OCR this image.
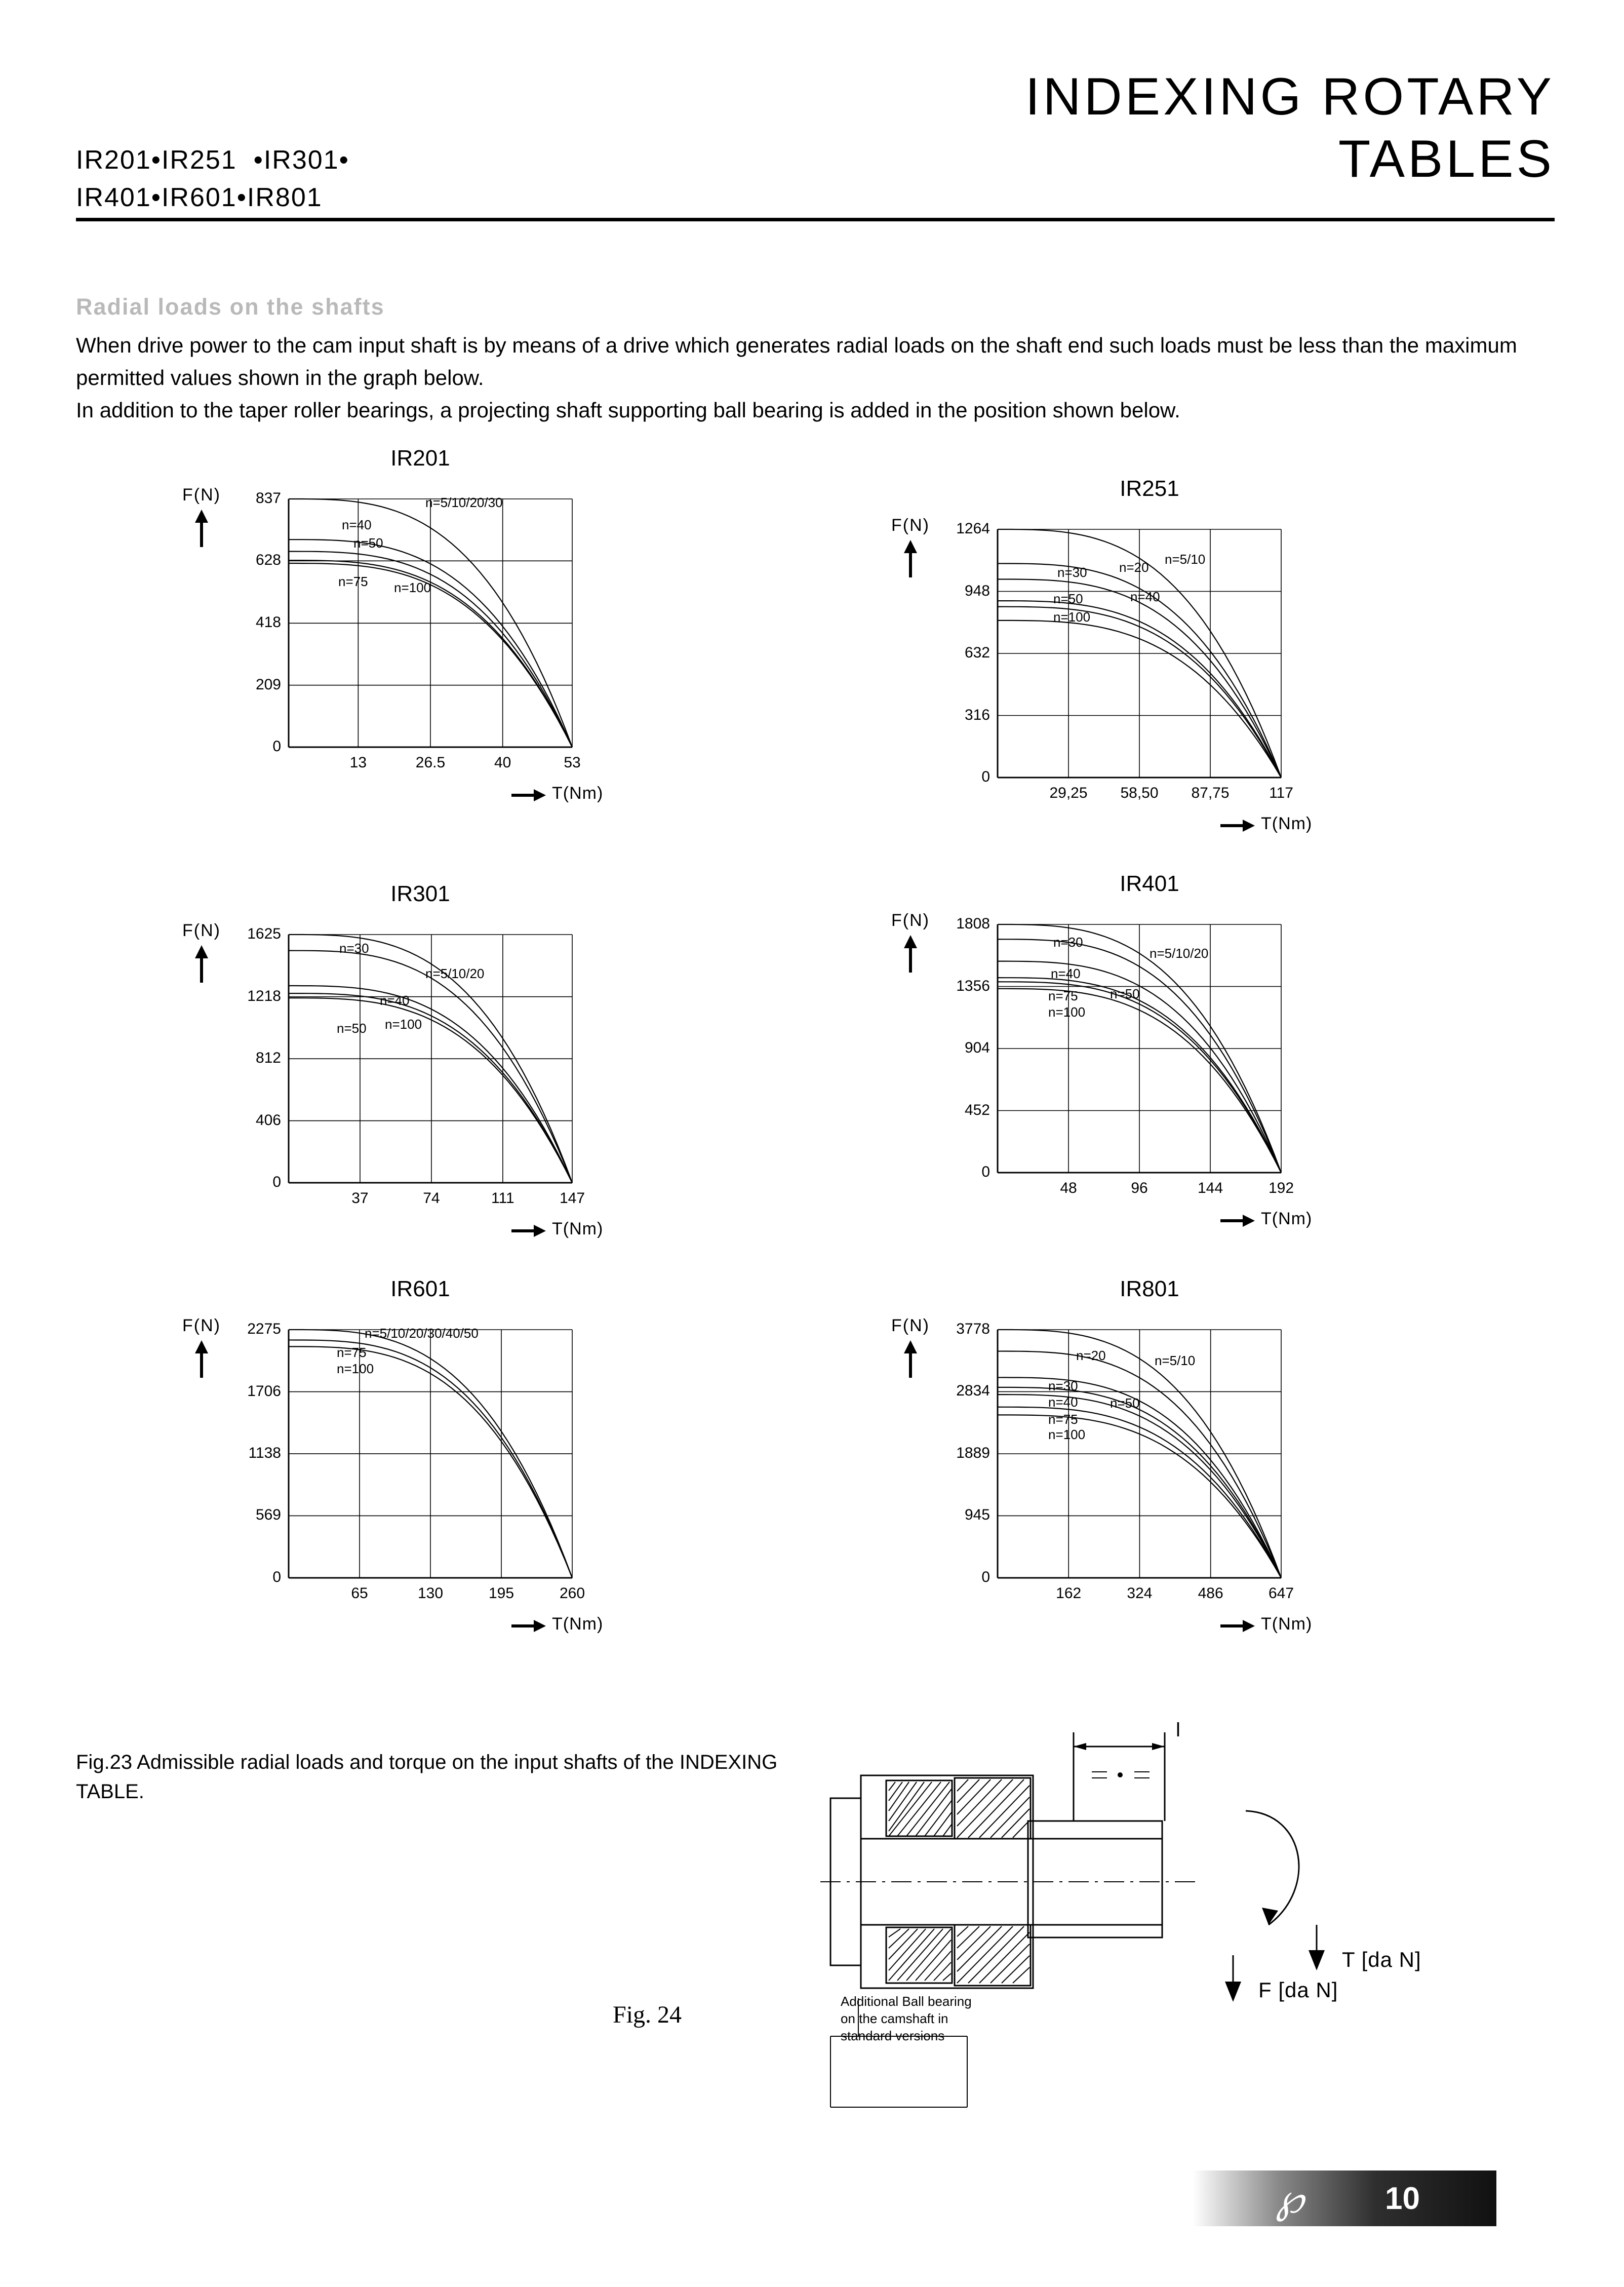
INDEXING ROTARY
TABLES
IR201•IR251  •IR301•
IR401•IR601•IR801
Radial loads on the shafts

When drive power to the cam input shaft is by means of a drive which generates radial loads on the shaft end such loads must be less than the maximum permitted values shown in the graph below.

In addition to the taper roller bearings, a projecting shaft supporting ball bearing is added in the position shown below.

IR201
F(N)
0
209
418
628
837
13	26.5	40	53
T(Nm)
n=5/10/20/30
n=40
n=50
n=75 n=100
IR251
F(N)
0
316
632
948
1264
29,25	58,50	87,75	117
T(Nm)
n=5/10
n=20
n=30
n=40
n=50
n=100
IR301
F(N)
0
406
812
1218
1625
37	74	111	147
T(Nm)
n=5/10/20
n=30
n=40
n=50 n=100
IR401
F(N)
0
452
904
1356
1808
48	96	144	192
T(Nm)
n=5/10/20
n=30
n=40
n=50
n=75
n=100
IR601
F(N)
0
569
1138
1706
2275
65	130	195	260
T(Nm)
n=5/10/20/30/40/50
n=75
n=100
IR801
F(N)
0
945
1889
2834
3778
162	324	486	647
T(Nm)
n=5/10
n=20
n=30
n=40 n=50
n=75
n=100
Fig.23 Admissible radial loads and torque on the input shafts of the INDEXING TABLE.
Fig. 24
l
T [da N]
F [da N]
Additional Ball bearing on the camshaft in standard versions
℘	10
